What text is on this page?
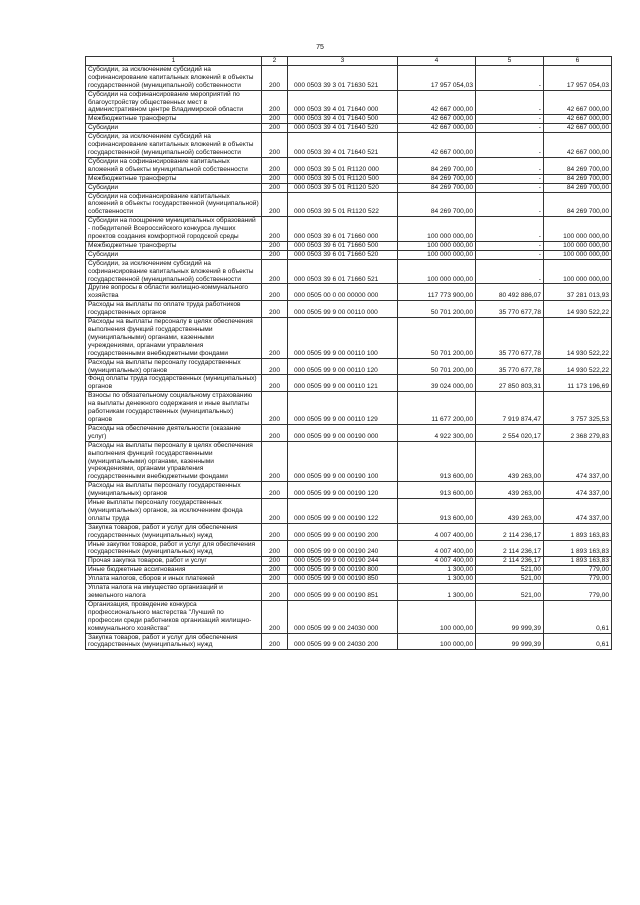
75
1	2	3	4	5	6
Субсидии, за исключением субсидий на софинансирование капитальных вложений в объекты государственной (муниципальной) собственности	200	000 0503 39 3 01 71630 521	17 957 054,03	-	17 957 054,03
Субсидии на софинансирование мероприятий по благоустройству общественных мест в административном центре Владимирской области	200	000 0503 39 4 01 71640 000	42 667 000,00	-	42 667 000,00
Межбюджетные трансферты	200	000 0503 39 4 01 71640 500	42 667 000,00	-	42 667 000,00
Субсидии	200	000 0503 39 4 01 71640 520	42 667 000,00	-	42 667 000,00
Субсидии, за исключением субсидий на софинансирование капитальных вложений в объекты государственной (муниципальной) собственности	200	000 0503 39 4 01 71640 521	42 667 000,00	-	42 667 000,00
Субсидии на софинансирование капитальных вложений в объекты муниципальной собственности	200	000 0503 39 5 01 R1120 000	84 269 700,00	-	84 269 700,00
Межбюджетные трансферты	200	000 0503 39 5 01 R1120 500	84 269 700,00	-	84 269 700,00
Субсидии	200	000 0503 39 5 01 R1120 520	84 269 700,00	-	84 269 700,00
Субсидии на софинансирование капитальных вложений в объекты государственной (муниципальной) собственности	200	000 0503 39 5 01 R1120 522	84 269 700,00	-	84 269 700,00
Субсидии на поощрение муниципальных образований - победителей Всероссийского конкурса лучших проектов создания комфортной городской среды	200	000 0503 39 6 01 71660 000	100 000 000,00	-	100 000 000,00
Межбюджетные трансферты	200	000 0503 39 6 01 71660 500	100 000 000,00	-	100 000 000,00
Субсидии	200	000 0503 39 6 01 71660 520	100 000 000,00	-	100 000 000,00
Субсидии, за исключением субсидий на софинансирование капитальных вложений в объекты государственной (муниципальной) собственности	200	000 0503 39 6 01 71660 521	100 000 000,00	-	100 000 000,00
Другие вопросы в области жилищно-коммунального хозяйства	200	000 0505 00 0 00 00000 000	117 773 900,00	80 492 886,07	37 281 013,93
Расходы на выплаты по оплате труда работников государственных органов	200	000 0505 99 9 00 00110 000	50 701 200,00	35 770 677,78	14 930 522,22
Расходы на выплаты персоналу в целях обеспечения выполнения функций государственными (муниципальными) органами, казенными учреждениями, органами управления государственными внебюджетными фондами	200	000 0505 99 9 00 00110 100	50 701 200,00	35 770 677,78	14 930 522,22
Расходы на выплаты персоналу государственных (муниципальных) органов	200	000 0505 99 9 00 00110 120	50 701 200,00	35 770 677,78	14 930 522,22
Фонд оплаты труда государственных (муниципальных) органов	200	000 0505 99 9 00 00110 121	39 024 000,00	27 850 803,31	11 173 196,69
Взносы по обязательному социальному страхованию на выплаты денежного содержания и иные выплаты работникам государственных (муниципальных) органов	200	000 0505 99 9 00 00110 129	11 677 200,00	7 919 874,47	3 757 325,53
Расходы на обеспечение деятельности (оказание услуг)	200	000 0505 99 9 00 00190 000	4 922 300,00	2 554 020,17	2 368 279,83
Расходы на выплаты персоналу в целях обеспечения выполнения функций государственными (муниципальными) органами, казенными учреждениями, органами управления государственными внебюджетными фондами	200	000 0505 99 9 00 00190 100	913 600,00	439 263,00	474 337,00
Расходы на выплаты персоналу государственных (муниципальных) органов	200	000 0505 99 9 00 00190 120	913 600,00	439 263,00	474 337,00
Иные выплаты персоналу государственных (муниципальных) органов, за исключением фонда оплаты труда	200	000 0505 99 9 00 00190 122	913 600,00	439 263,00	474 337,00
Закупка товаров, работ и услуг для обеспечения государственных (муниципальных) нужд	200	000 0505 99 9 00 00190 200	4 007 400,00	2 114 236,17	1 893 163,83
Иные закупки товаров, работ и услуг для обеспечения государственных (муниципальных) нужд	200	000 0505 99 9 00 00190 240	4 007 400,00	2 114 236,17	1 893 163,83
Прочая закупка товаров, работ и услуг	200	000 0505 99 9 00 00190 244	4 007 400,00	2 114 236,17	1 893 163,83
Иные бюджетные ассигнования	200	000 0505 99 9 00 00190 800	1 300,00	521,00	779,00
Уплата налогов, сборов и иных платежей	200	000 0505 99 9 00 00190 850	1 300,00	521,00	779,00
Уплата налога на имущество организаций и земельного налога	200	000 0505 99 9 00 00190 851	1 300,00	521,00	779,00
Организация, проведение конкурса профессионального мастерства "Лучший по профессии среди работников организаций жилищно-коммунального хозяйства"	200	000 0505 99 9 00 24030 000	100 000,00	99 999,39	0,61
Закупка товаров, работ и услуг для обеспечения государственных (муниципальных) нужд	200	000 0505 99 9 00 24030 200	100 000,00	99 999,39	0,61
